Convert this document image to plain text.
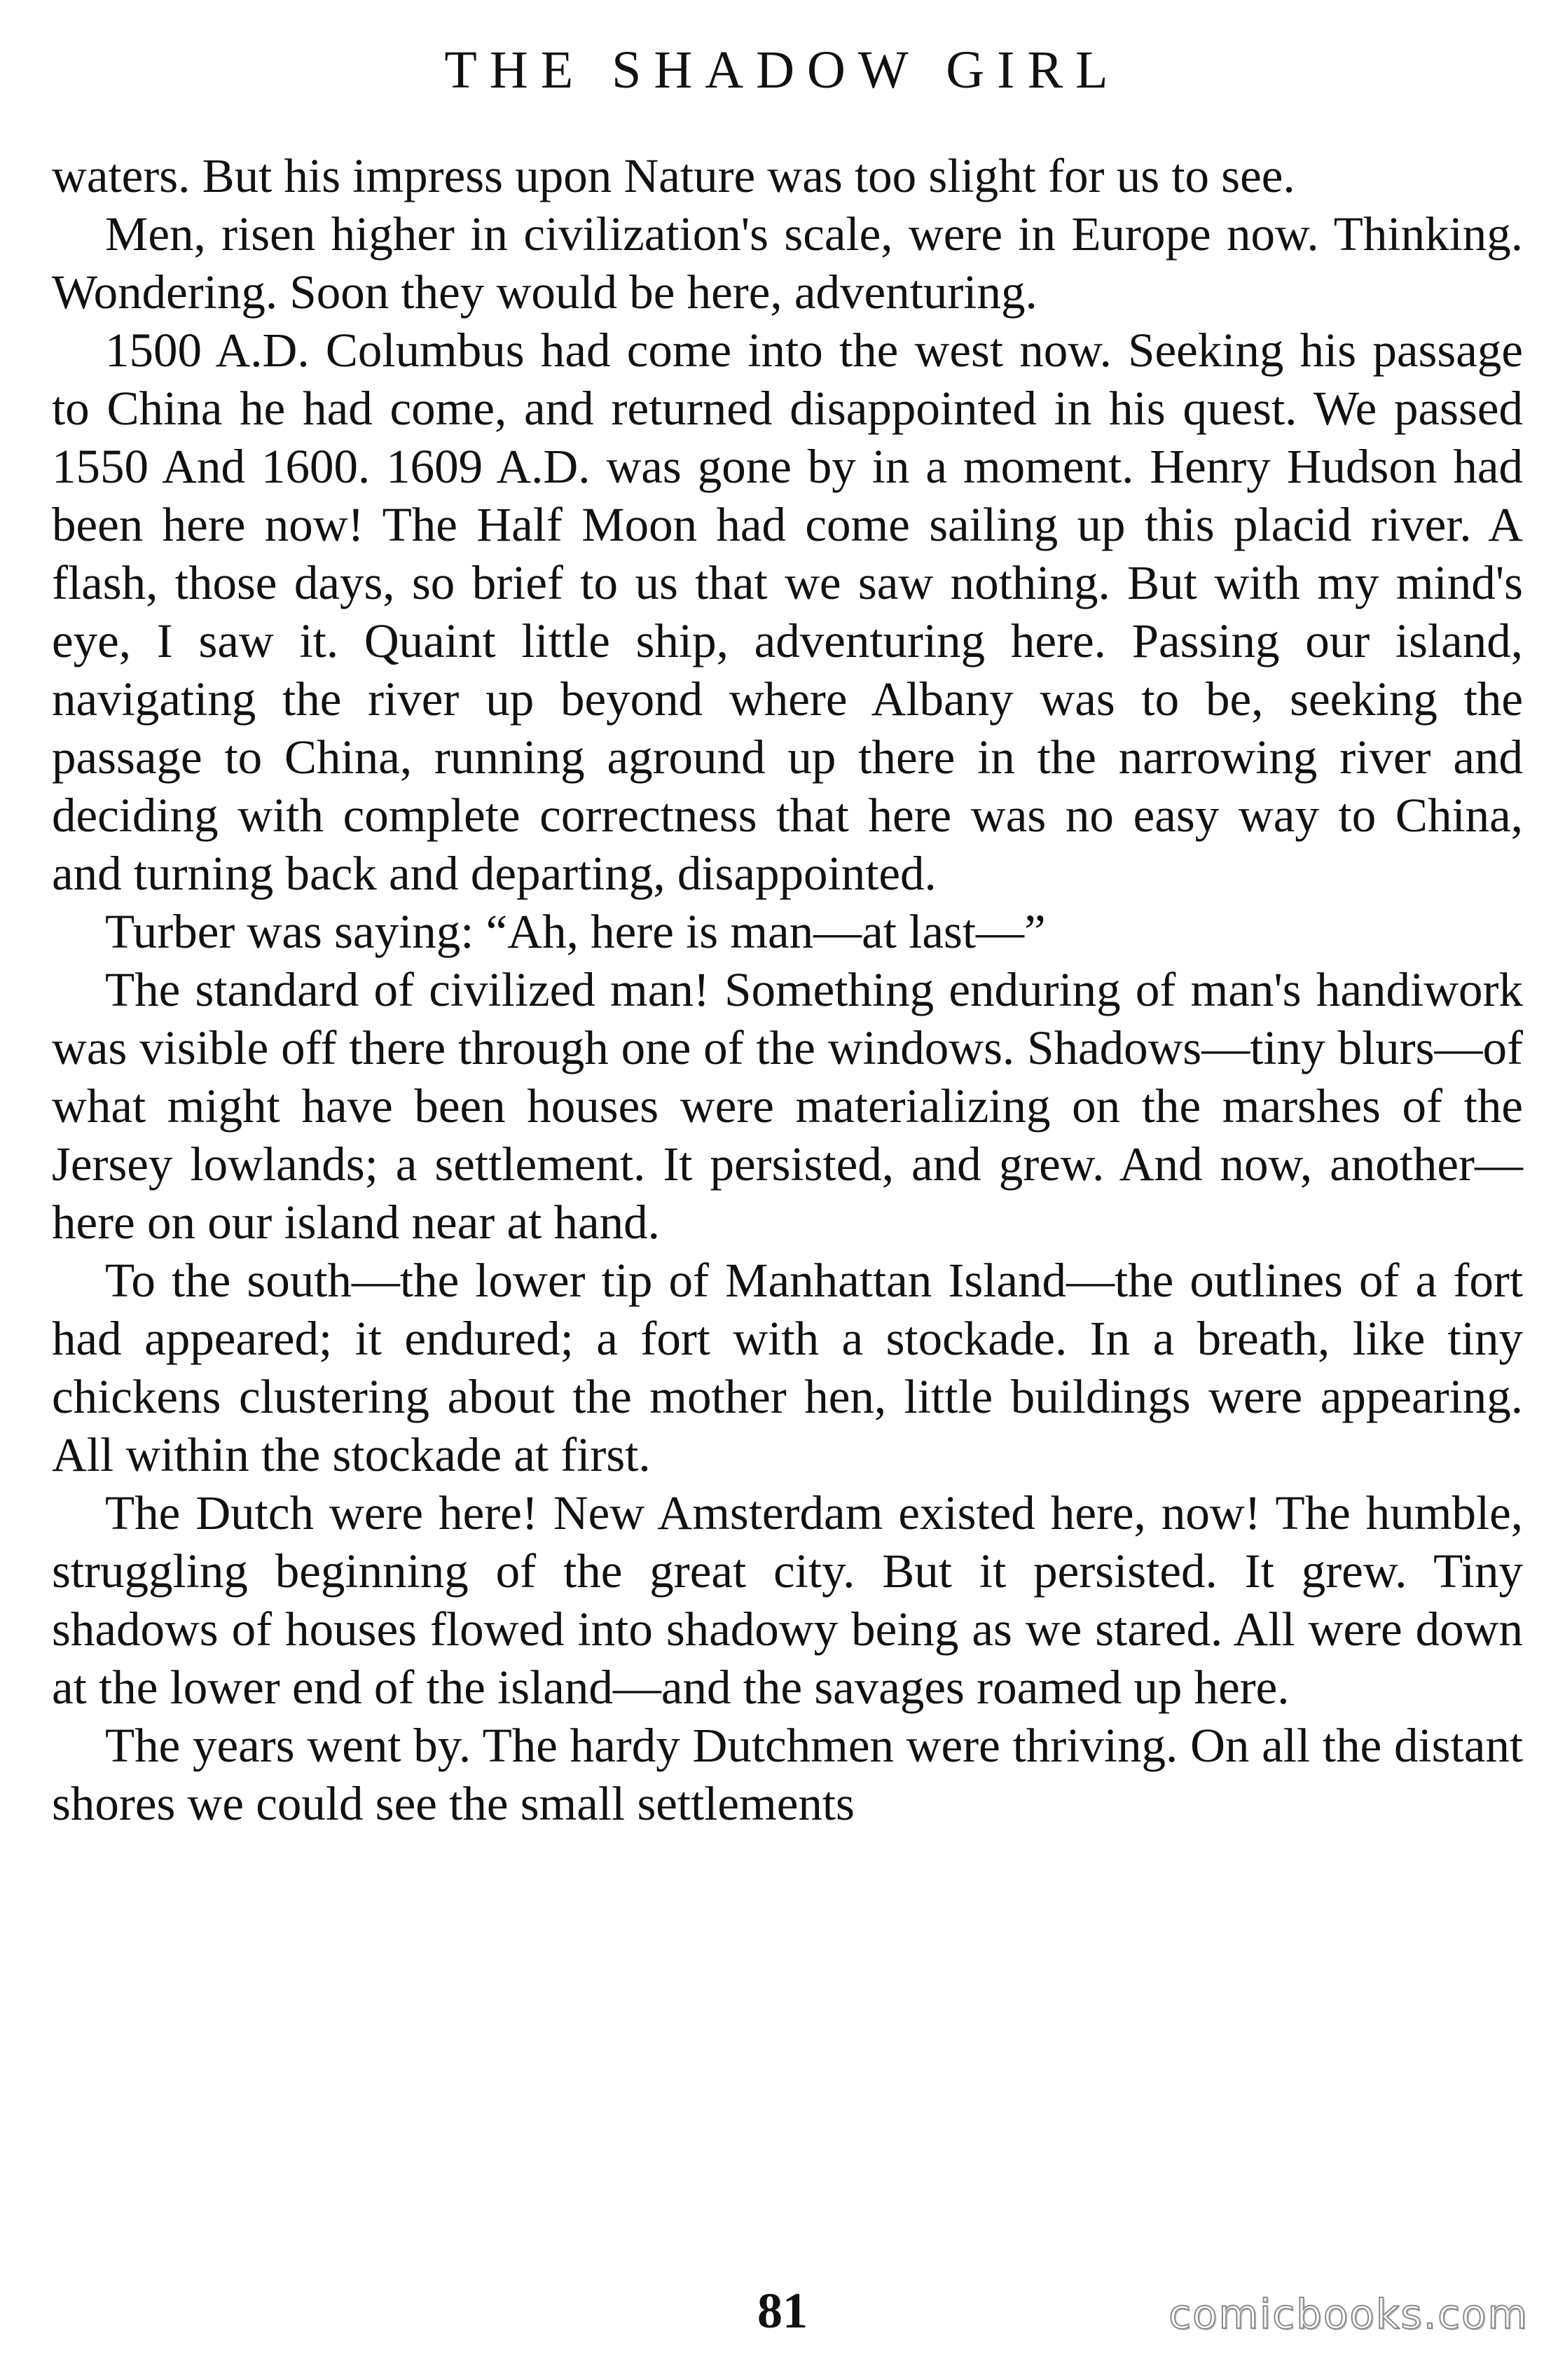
THE SHADOW GIRL

waters. But his impress upon Nature was too slight for us to see.

Men, risen higher in civilization's scale, were in Europe now. Thinking. Wondering. Soon they would be here, adventuring.

1500 A.D. Columbus had come into the west now. Seeking his passage to China he had come, and returned disappointed in his quest. We passed 1550 And 1600. 1609 A.D. was gone by in a moment. Henry Hudson had been here now! The Half Moon had come sailing up this placid river. A flash, those days, so brief to us that we saw nothing. But with my mind's eye, I saw it. Quaint little ship, adventuring here. Passing our island, navigating the river up beyond where Albany was to be, seeking the passage to China, running aground up there in the narrowing river and deciding with complete correctness that here was no easy way to China, and turning back and departing, disappointed.

Turber was saying: “Ah, here is man—at last—”

The standard of civilized man! Something enduring of man's handiwork was visible off there through one of the windows. Shadows—tiny blurs—of what might have been houses were materializing on the marshes of the Jersey lowlands; a settlement. It persisted, and grew. And now, another—here on our island near at hand.

To the south—the lower tip of Manhattan Island—the outlines of a fort had appeared; it endured; a fort with a stockade. In a breath, like tiny chickens clustering about the mother hen, little buildings were appearing. All within the stockade at first.

The Dutch were here! New Amsterdam existed here, now! The humble, struggling beginning of the great city. But it persisted. It grew. Tiny shadows of houses flowed into shadowy being as we stared. All were down at the lower end of the island—and the savages roamed up here.

The years went by. The hardy Dutchmen were thriving. On all the distant shores we could see the small settlements

81	comicbooks.com
